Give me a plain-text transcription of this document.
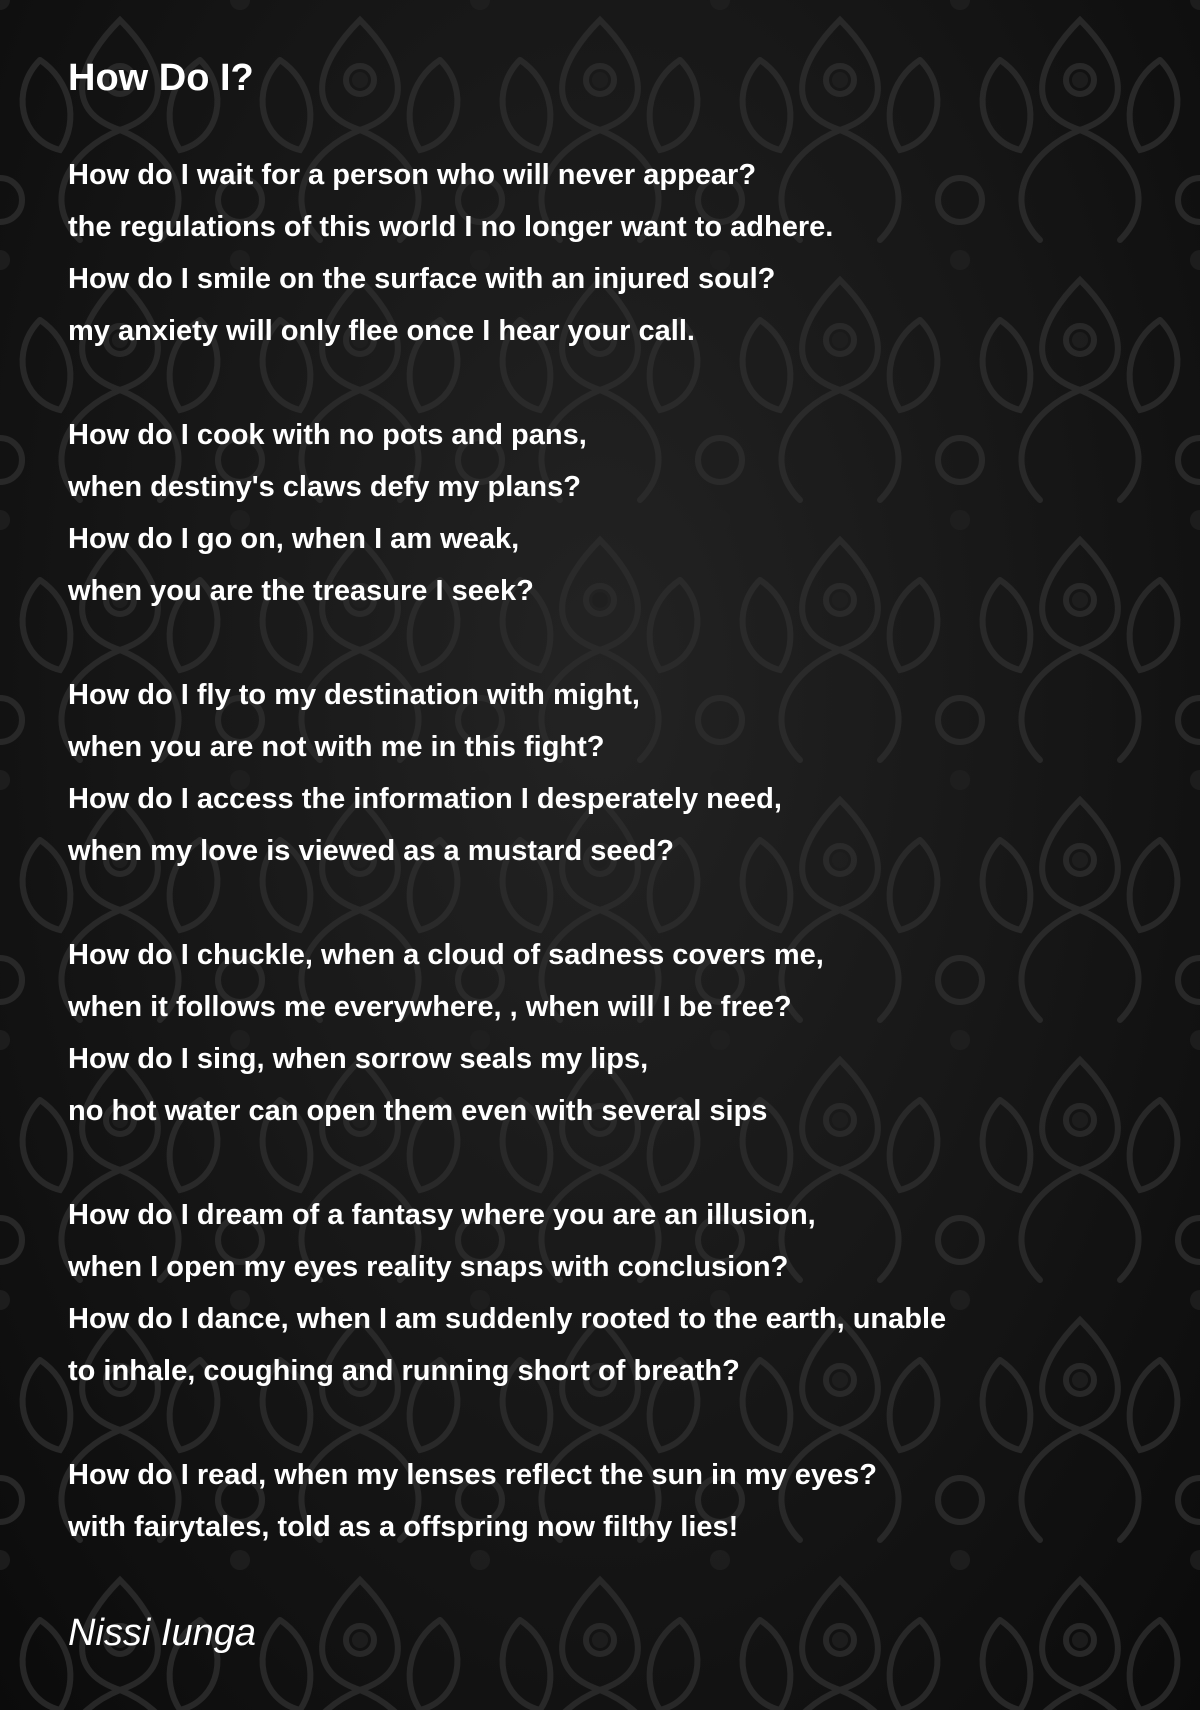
How Do I?
How do I wait for a person who will never appear?
the regulations of this world I no longer want to adhere.
How do I smile on the surface with an injured soul?
my anxiety will only flee once I hear your call.
How do I cook with no pots and pans,
when destiny's claws defy my plans?
How do I go on, when I am weak,
when you are the treasure I seek?
How do I fly to my destination with might,
when you are not with me in this fight?
How do I access the information I desperately need,
when my love is viewed as a mustard seed?
How do I chuckle, when a cloud of sadness covers me,
when it follows me everywhere, , when will I be free?
How do I sing, when sorrow seals my lips,
no hot water can open them even with several sips
How do I dream of a fantasy where you are an illusion,
when I open my eyes reality snaps with conclusion?
How do I dance, when I am suddenly rooted to the earth, unable
to inhale, coughing and running short of breath?
How do I read, when my lenses reflect the sun in my eyes?
with fairytales, told as a offspring now filthy lies!
Nissi Iunga
